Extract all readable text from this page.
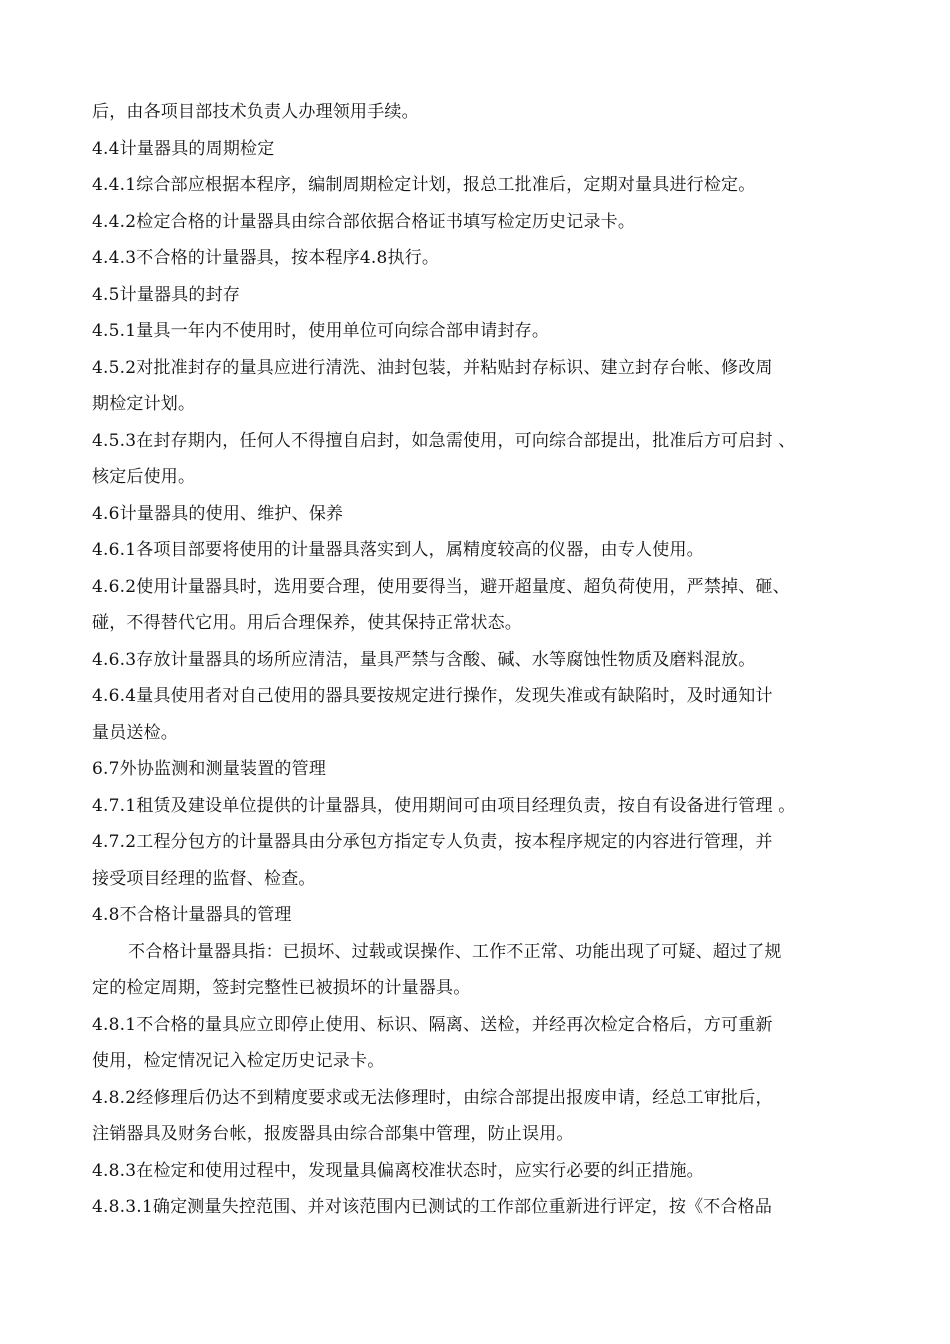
后，由各项目部技术负责人办理领用手续。
4.4计量器具的周期检定
4.4.1综合部应根据本程序，编制周期检定计划，报总工批准后，定期对量具进行检定。
4.4.2检定合格的计量器具由综合部依据合格证书填写检定历史记录卡。
4.4.3不合格的计量器具，按本程序4.8执行。
4.5计量器具的封存
4.5.1量具一年内不使用时，使用单位可向综合部申请封存。
4.5.2对批准封存的量具应进行清洗、油封包装，并粘贴封存标识、建立封存台帐、修改周
期检定计划。
4.5.3在封存期内，任何人不得擅自启封，如急需使用，可向综合部提出，批准后方可启封 、
核定后使用。
4.6计量器具的使用、维护、保养
4.6.1各项目部要将使用的计量器具落实到人，属精度较高的仪器，由专人使用。
4.6.2使用计量器具时，选用要合理，使用要得当，避开超量度、超负荷使用，严禁掉、砸、
碰，不得替代它用。用后合理保养，使其保持正常状态。
4.6.3存放计量器具的场所应清洁，量具严禁与含酸、碱、水等腐蚀性物质及磨料混放。
4.6.4量具使用者对自己使用的器具要按规定进行操作，发现失准或有缺陷时，及时通知计
量员送检。
6.7外协监测和测量装置的管理
4.7.1租赁及建设单位提供的计量器具，使用期间可由项目经理负责，按自有设备进行管理 。
4.7.2工程分包方的计量器具由分承包方指定专人负责，按本程序规定的内容进行管理，并
接受项目经理的监督、检查。
4.8不合格计量器具的管理
不合格计量器具指：已损坏、过载或误操作、工作不正常、功能出现了可疑、超过了规
定的检定周期，签封完整性已被损坏的计量器具。
4.8.1不合格的量具应立即停止使用、标识、隔离、送检，并经再次检定合格后，方可重新
使用，检定情况记入检定历史记录卡。
4.8.2经修理后仍达不到精度要求或无法修理时，由综合部提出报废申请，经总工审批后，
注销器具及财务台帐，报废器具由综合部集中管理，防止误用。
4.8.3在检定和使用过程中，发现量具偏离校准状态时，应实行必要的纠正措施。
4.8.3.1确定测量失控范围、并对该范围内已测试的工作部位重新进行评定，按《不合格品
